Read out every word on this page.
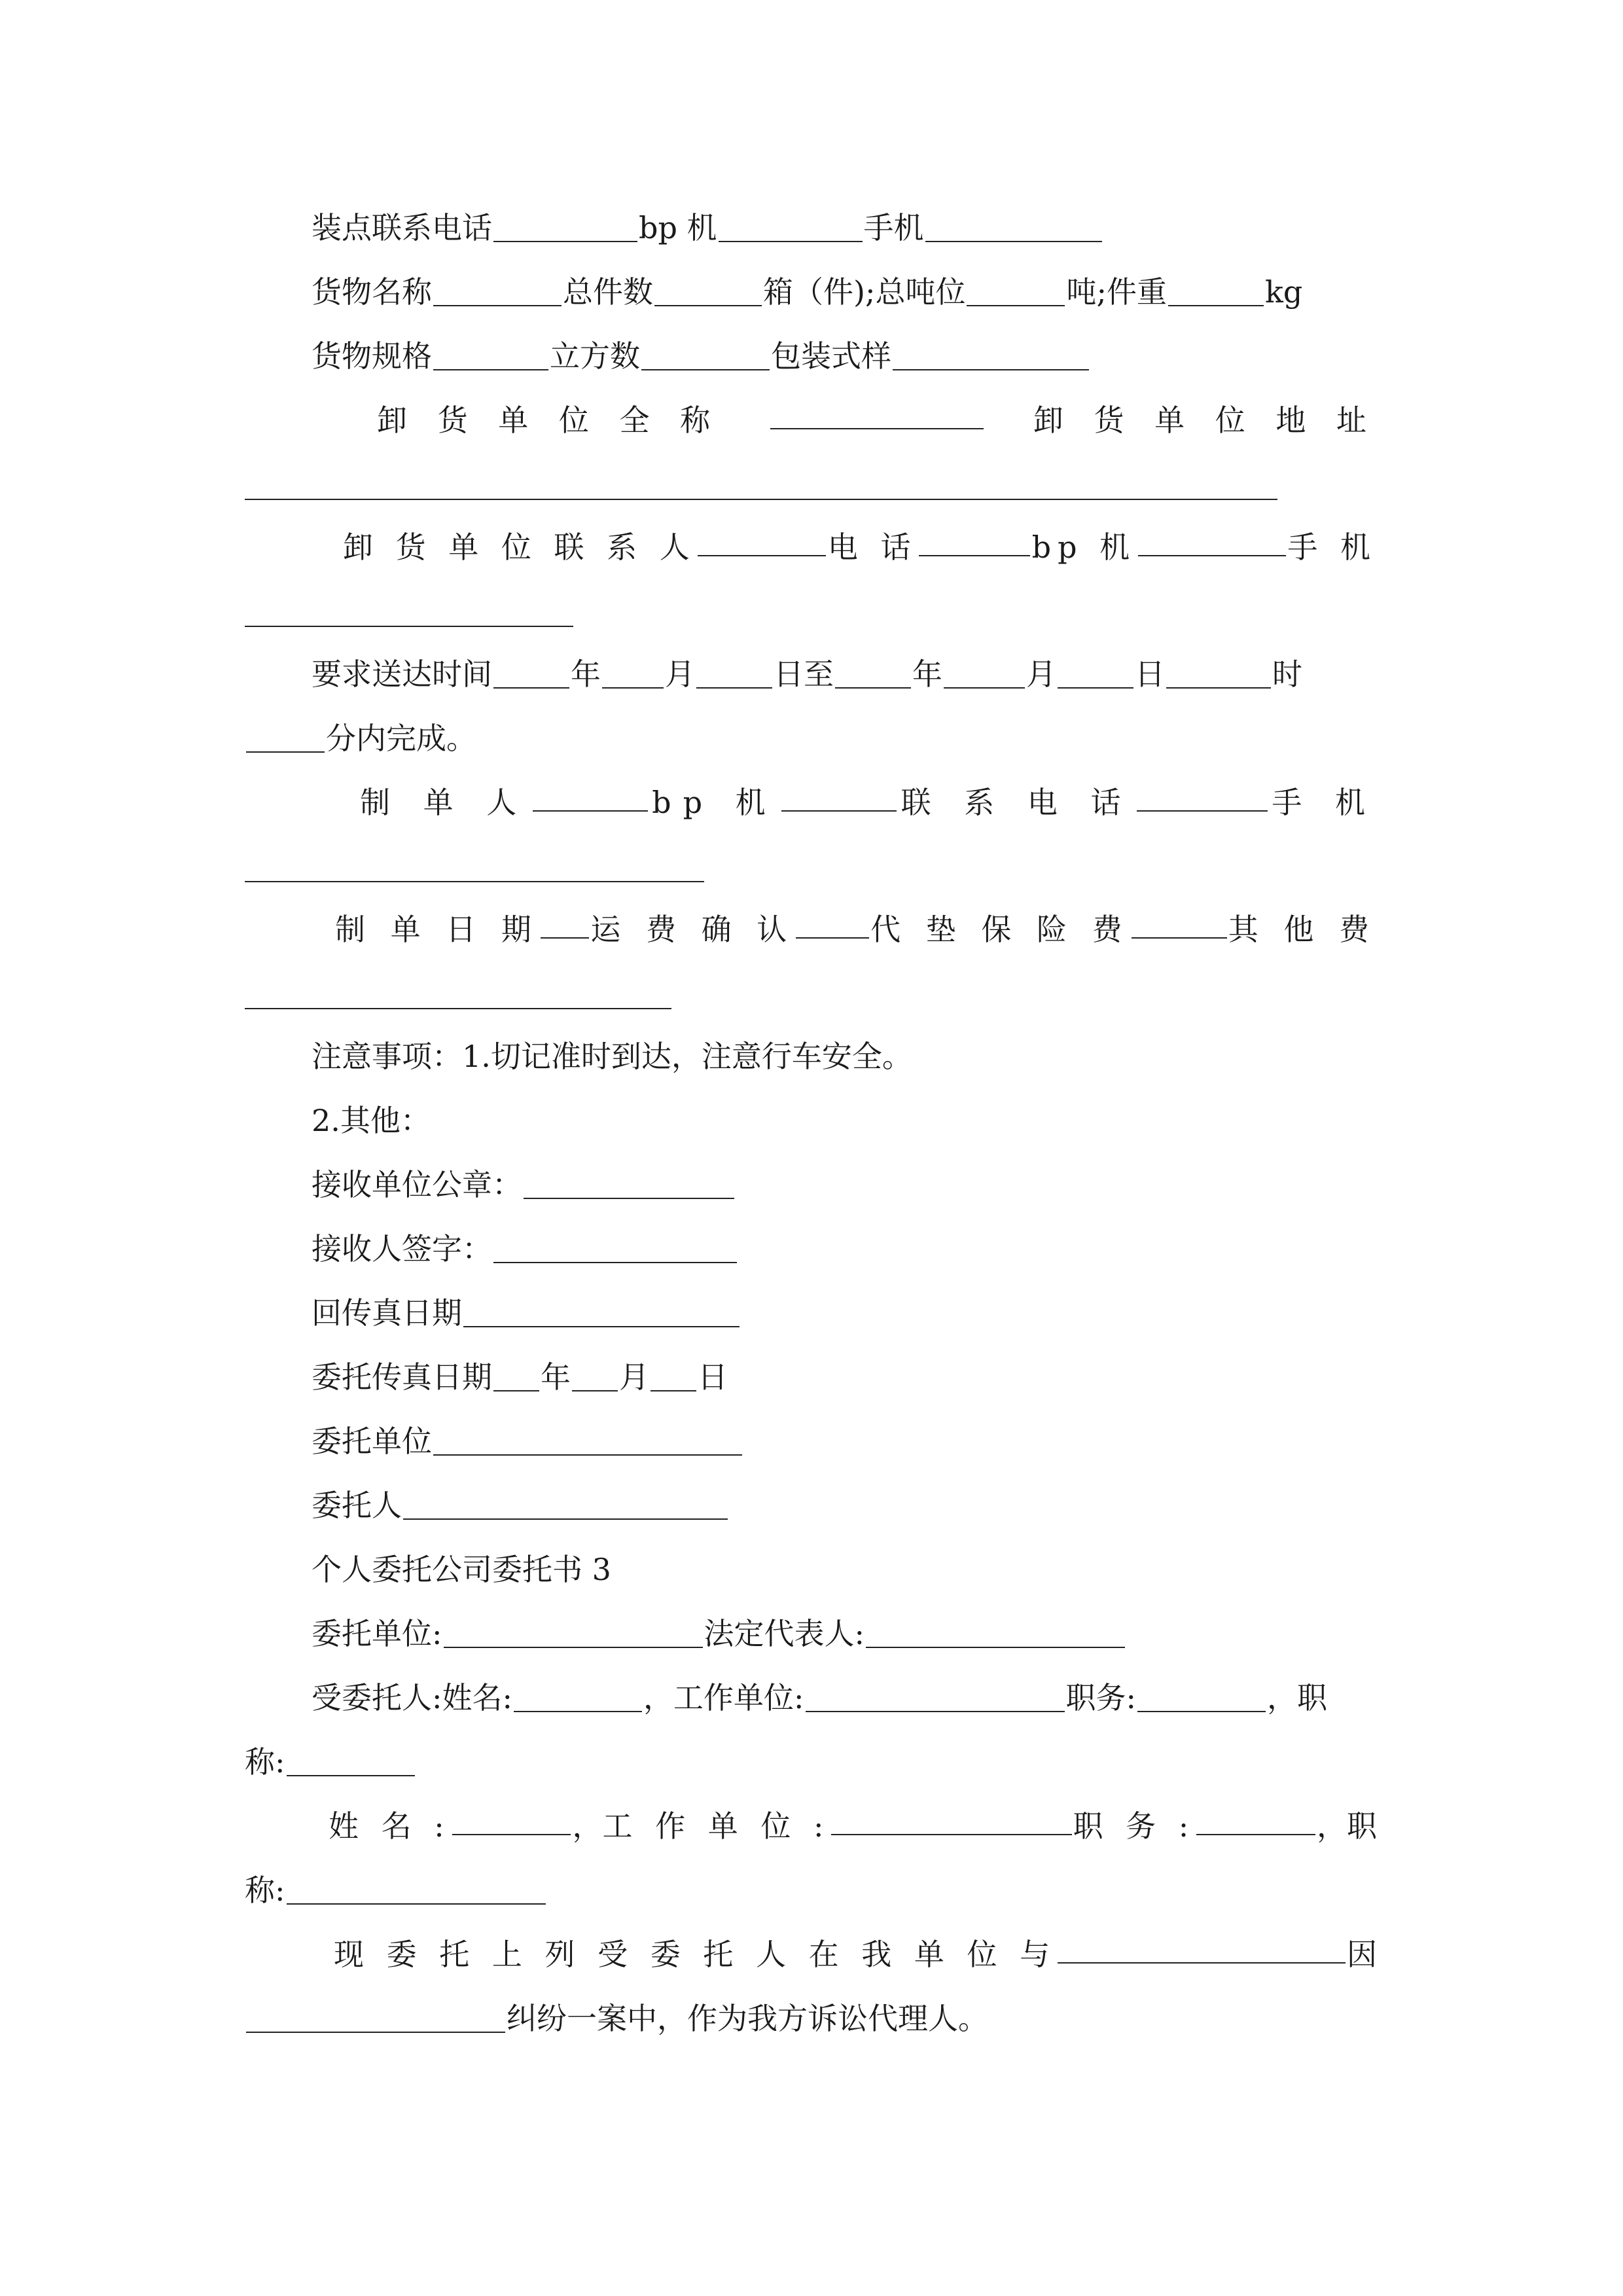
装点联系电话	bp 机	手机
货物名称	总件数	箱（件);总吨位	吨;件重	kg
货物规格	立方数	包装式样
卸 货 单 位 全 称	卸 货 单 位 地 址
卸 货 单 位 联 系 人	电 话	bp 机	手 机
要求送达时间	年 月	日至	年	月	日	时
分内完成。
制 单 人	bp 机	联 系 电 话	手 机
制 单 日 期 运 费 确 认	代 垫 保 险 费	其 他 费
注意事项：1.切记准时到达，注意行车安全。
2.其他：
接收单位公章：
接收人签字：
回传真日期
委托传真日期 年 月 日
委托单位
委托人
个人委托公司委托书 3
委托单位:	法定代表人:
受委托人:姓名:	，工作单位:	职务:	，职
称:
姓 名 :	， 工 作 单 位 :	职 务 :	， 职
称:
现 委 托 上 列 受 委 托 人 在 我 单 位 与	因
纠纷一案中，作为我方诉讼代理人。
